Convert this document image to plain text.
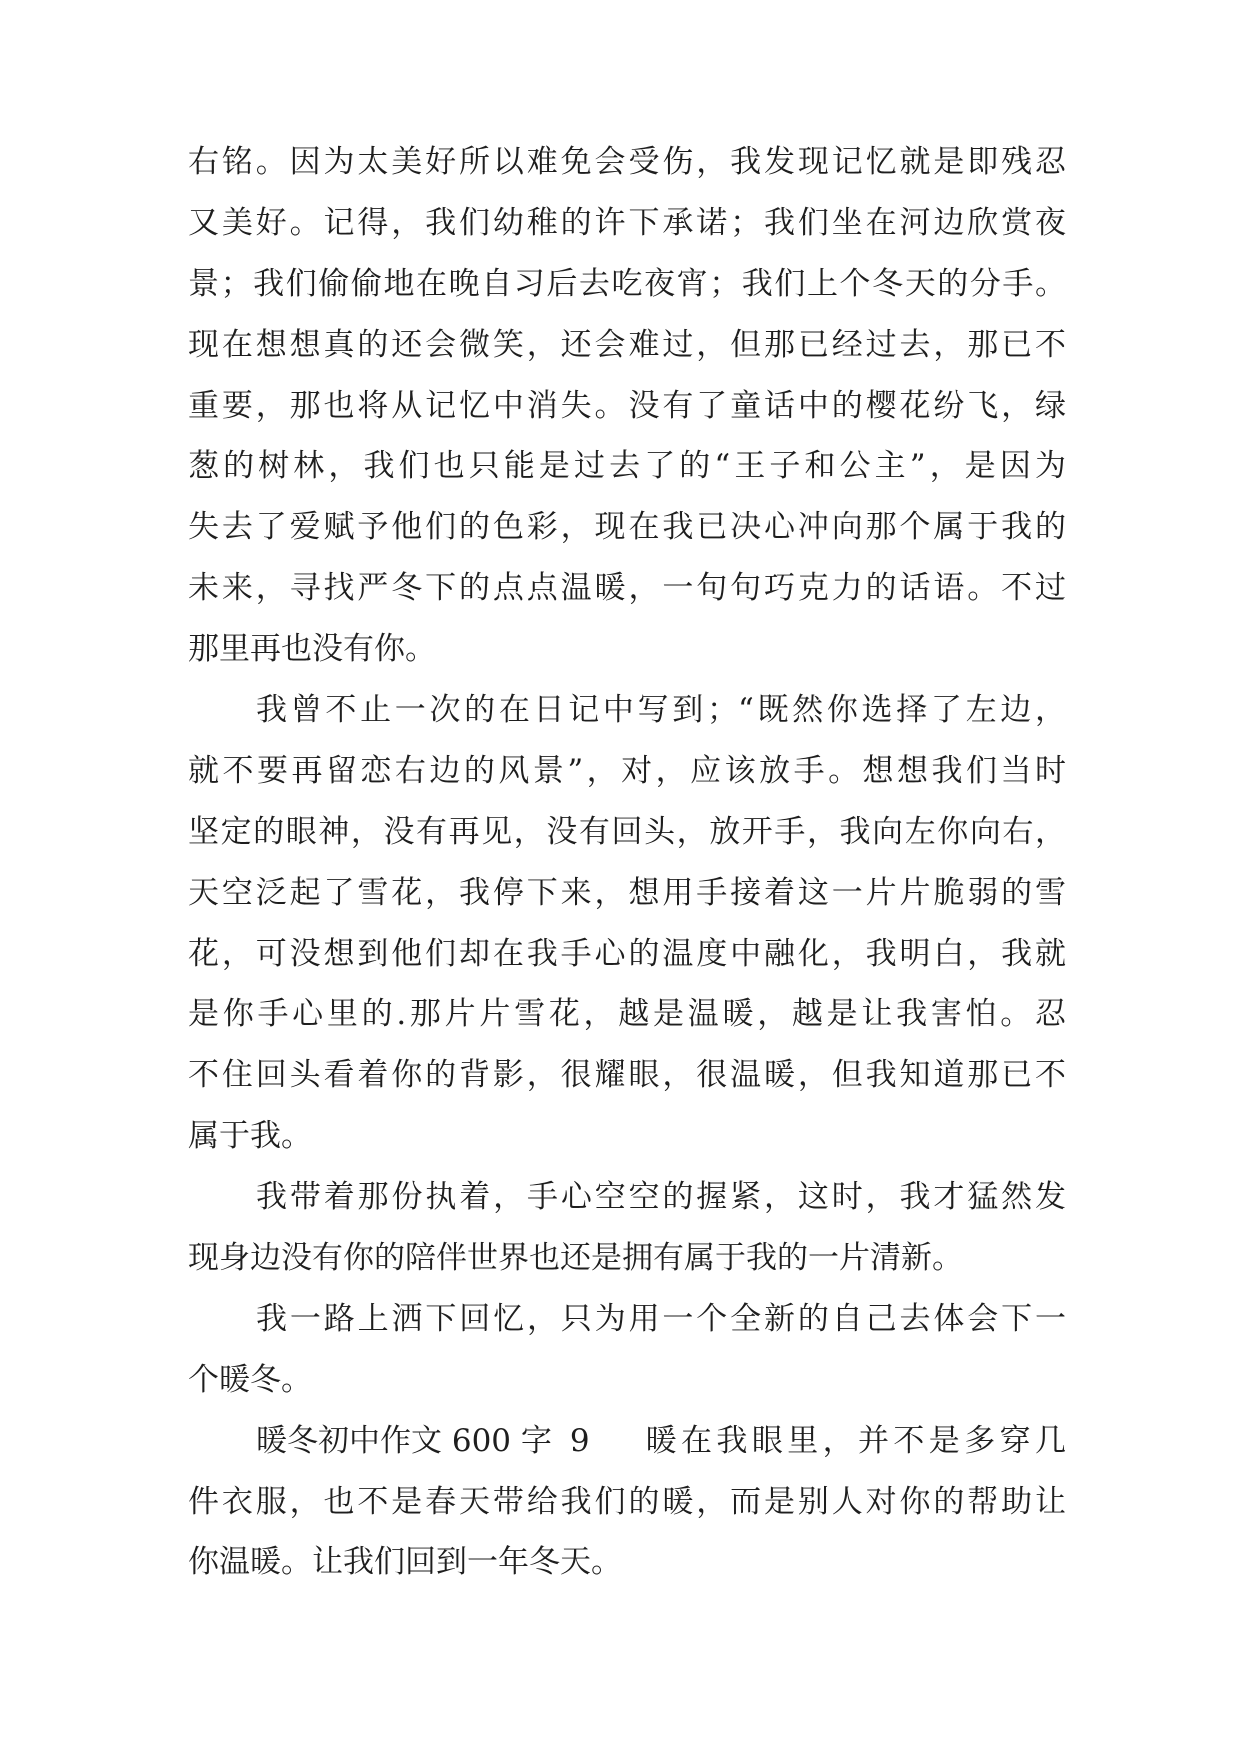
右铭。因为太美好所以难免会受伤，我发现记忆就是即残忍
又美好。记得，我们幼稚的许下承诺；我们坐在河边欣赏夜
景；我们偷偷地在晚自习后去吃夜宵；我们上个冬天的分手。
现在想想真的还会微笑，还会难过，但那已经过去，那已不
重要，那也将从记忆中消失。没有了童话中的樱花纷飞，绿
葱的树林，我们也只能是过去了的“王子和公主”，是因为
失去了爱赋予他们的色彩，现在我已决心冲向那个属于我的
未来，寻找严冬下的点点温暖，一句句巧克力的话语。不过
那里再也没有你。
我曾不止一次的在日记中写到；“既然你选择了左边，
就不要再留恋右边的风景”，对，应该放手。想想我们当时
坚定的眼神，没有再见，没有回头，放开手，我向左你向右，
天空泛起了雪花，我停下来，想用手接着这一片片脆弱的雪
花，可没想到他们却在我手心的温度中融化，我明白，我就
是你手心里的.那片片雪花，越是温暖，越是让我害怕。忍
不住回头看着你的背影，很耀眼，很温暖，但我知道那已不
属于我。
我带着那份执着，手心空空的握紧，这时，我才猛然发
现身边没有你的陪伴世界也还是拥有属于我的一片清新。
我一路上洒下回忆，只为用一个全新的自己去体会下一
个暖冬。
暖冬初中作文 600 字 9 暖在我眼里，并不是多穿几
件衣服，也不是春天带给我们的暖，而是别人对你的帮助让
你温暖。让我们回到一年冬天。
